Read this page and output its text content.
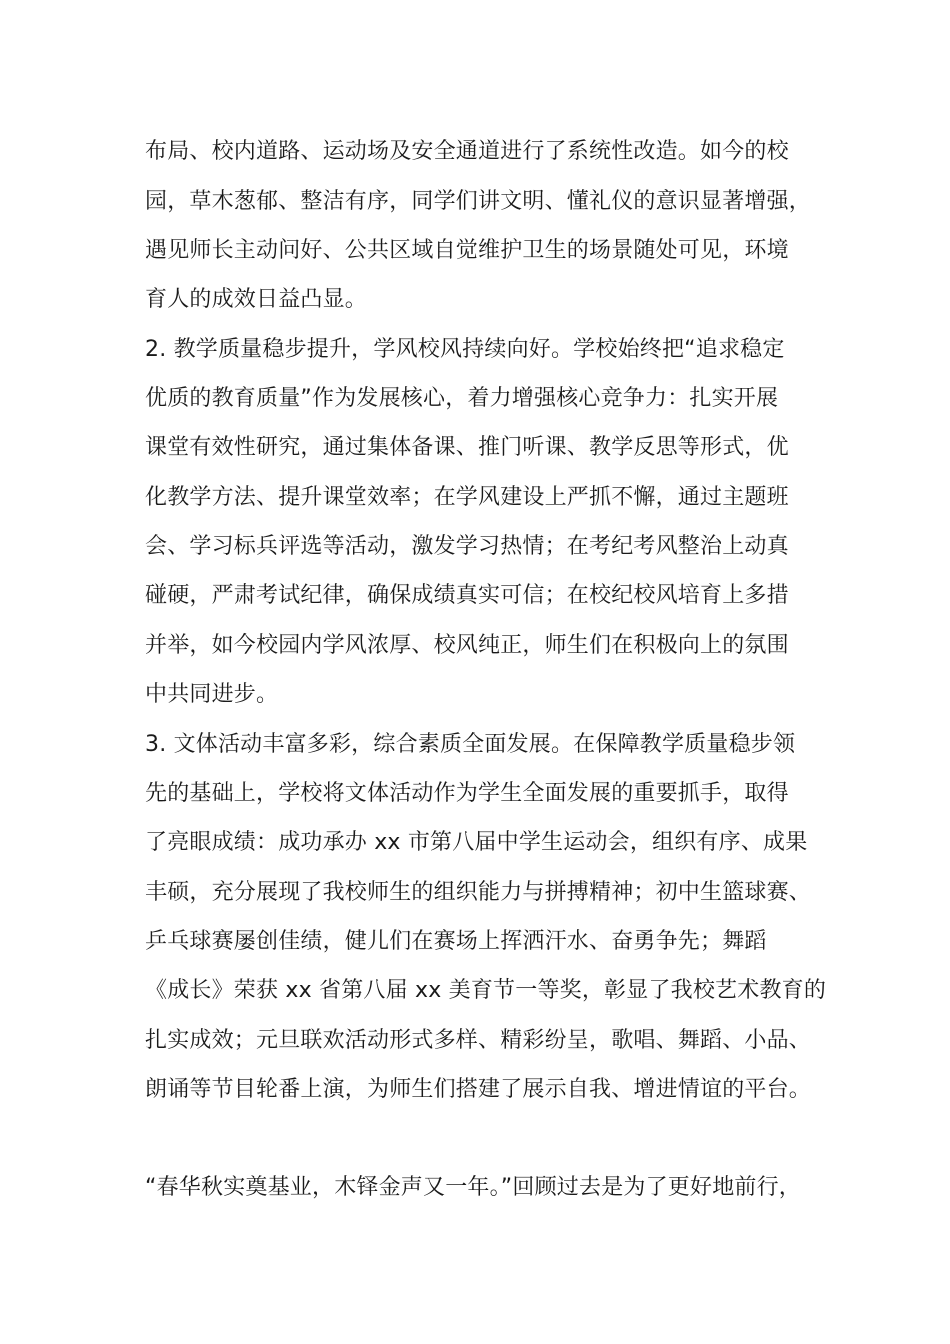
布局、校内道路、运动场及安全通道进行了系统性改造。如今的校
园，草木葱郁、整洁有序，同学们讲文明、懂礼仪的意识显著增强，
遇见师长主动问好、公共区域自觉维护卫生的场景随处可见，环境
育人的成效日益凸显。
2. 教学质量稳步提升，学风校风持续向好。学校始终把“追求稳定
优质的教育质量”作为发展核心，着力增强核心竞争力：扎实开展
课堂有效性研究，通过集体备课、推门听课、教学反思等形式，优
化教学方法、提升课堂效率；在学风建设上严抓不懈，通过主题班
会、学习标兵评选等活动，激发学习热情；在考纪考风整治上动真
碰硬，严肃考试纪律，确保成绩真实可信；在校纪校风培育上多措
并举，如今校园内学风浓厚、校风纯正，师生们在积极向上的氛围
中共同进步。
3. 文体活动丰富多彩，综合素质全面发展。在保障教学质量稳步领
先的基础上，学校将文体活动作为学生全面发展的重要抓手，取得
了亮眼成绩：成功承办 xx 市第八届中学生运动会，组织有序、成果
丰硕，充分展现了我校师生的组织能力与拼搏精神；初中生篮球赛、
乒乓球赛屡创佳绩，健儿们在赛场上挥洒汗水、奋勇争先；舞蹈
《成长》荣获 xx 省第八届 xx 美育节一等奖，彰显了我校艺术教育的
扎实成效；元旦联欢活动形式多样、精彩纷呈，歌唱、舞蹈、小品、
朗诵等节目轮番上演，为师生们搭建了展示自我、增进情谊的平台。
“春华秋实奠基业，木铎金声又一年。”回顾过去是为了更好地前行，
